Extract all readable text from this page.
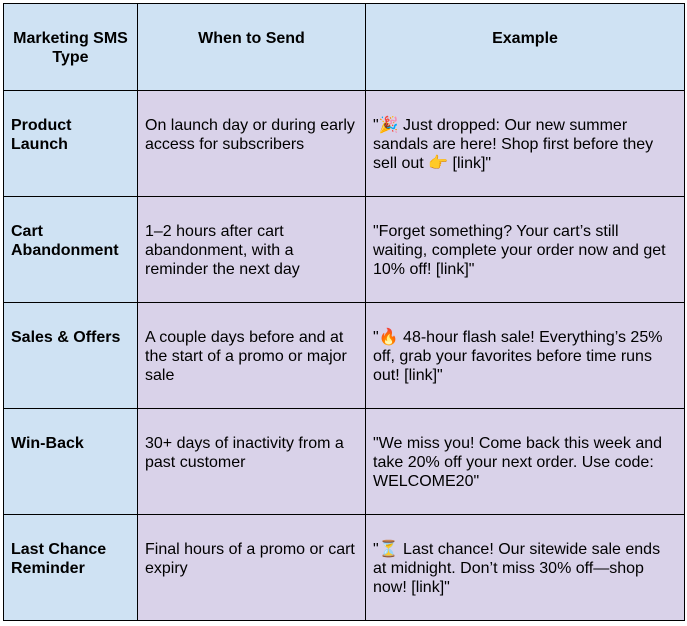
Marketing SMS Type	When to Send	Example

Product Launch	On launch day or during early access for subscribers	"🎉 Just dropped: Our new summer sandals are here! Shop first before they sell out 👉 [link]"

Cart Abandonment	1–2 hours after cart abandonment, with a reminder the next day	"Forget something? Your cart’s still waiting, complete your order now and get 10% off! [link]"

Sales & Offers	A couple days before and at the start of a promo or major sale	"🔥 48-hour flash sale! Everything’s 25% off, grab your favorites before time runs out! [link]"

Win-Back	30+ days of inactivity from a past customer	"We miss you! Come back this week and take 20% off your next order. Use code: WELCOME20"

Last Chance Reminder	Final hours of a promo or cart expiry	"⏳ Last chance! Our sitewide sale ends at midnight. Don’t miss 30% off—shop now! [link]"
